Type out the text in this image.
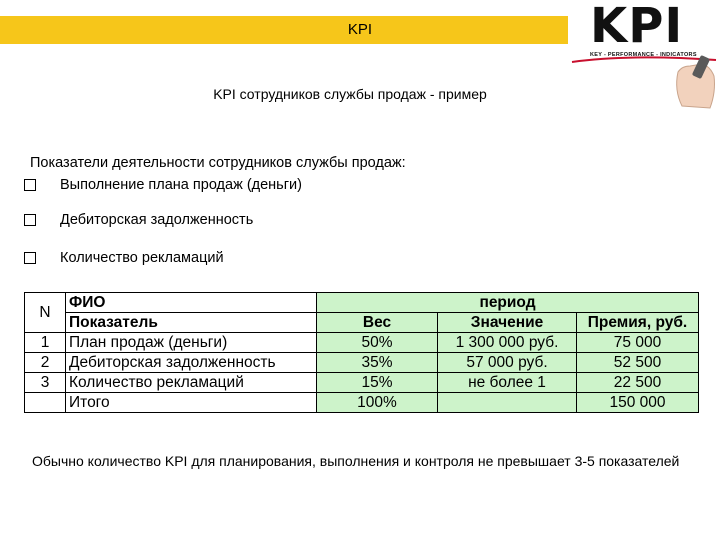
KPI	KPI
KEY - PERFORMANCE - INDICATORS
KPI сотрудников службы продаж - пример
Показатели деятельности сотрудников службы продаж:
Выполнение плана продаж (деньги)
Дебиторская задолженность
Количество рекламаций
N	ФИО	период		
	Показатель	Вес	Значение	Премия, руб.
1	План продаж (деньги)	50%	1 300 000 руб.	75 000
2	Дебиторская задолженность	35%	57 000 руб.	52 500
3	Количество рекламаций	15%	не более 1	22 500
	Итого	100%		150 000
Обычно количество KPI для планирования, выполнения и контроля не превышает 3-5 показателей
